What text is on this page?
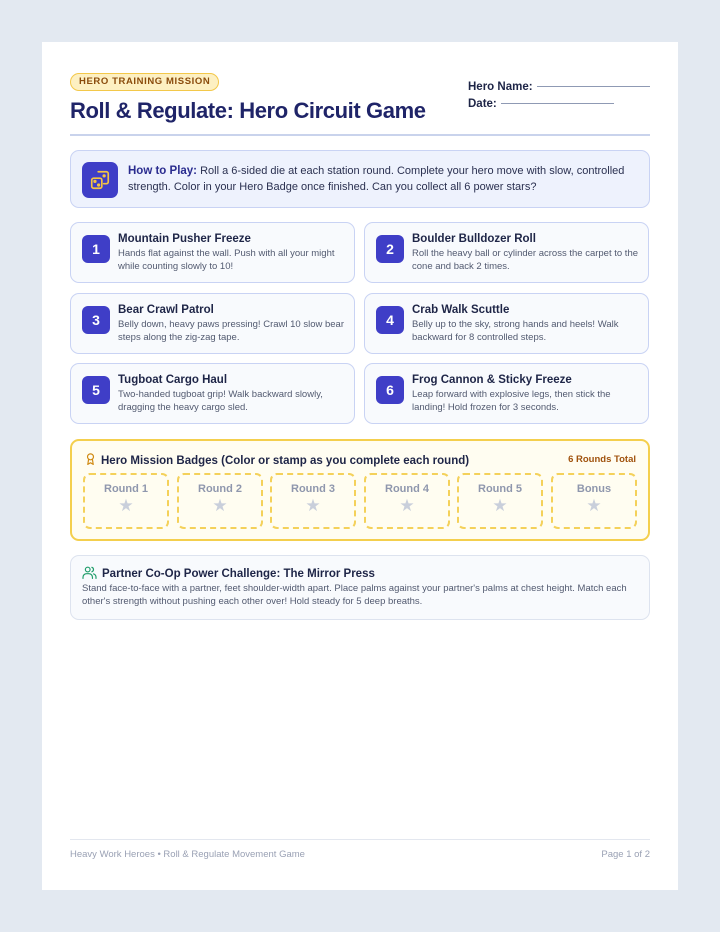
HERO TRAINING MISSION
Roll & Regulate: Hero Circuit Game
Hero Name:
Date:
How to Play: Roll a 6-sided die at each station round. Complete your hero move with slow, controlled strength. Color in your Hero Badge once finished. Can you collect all 6 power stars?
1
Mountain Pusher Freeze
Hands flat against the wall. Push with all your might while counting slowly to 10!
2
Boulder Bulldozer Roll
Roll the heavy ball or cylinder across the carpet to the cone and back 2 times.
3
Bear Crawl Patrol
Belly down, heavy paws pressing! Crawl 10 slow bear steps along the zig-zag tape.
4
Crab Walk Scuttle
Belly up to the sky, strong hands and heels! Walk backward for 8 controlled steps.
5
Tugboat Cargo Haul
Two-handed tugboat grip! Walk backward slowly, dragging the heavy cargo sled.
6
Frog Cannon & Sticky Freeze
Leap forward with explosive legs, then stick the landing! Hold frozen for 3 seconds.
Hero Mission Badges (Color or stamp as you complete each round)	6 Rounds Total
Round 1
★
Round 2
★
Round 3
★
Round 4
★
Round 5
★
Bonus
★
Partner Co-Op Power Challenge: The Mirror Press
Stand face-to-face with a partner, feet shoulder-width apart. Place palms against your partner's palms at chest height. Match each other's strength without pushing each other over! Hold steady for 5 deep breaths.
Heavy Work Heroes • Roll & Regulate Movement Game	Page 1 of 2
